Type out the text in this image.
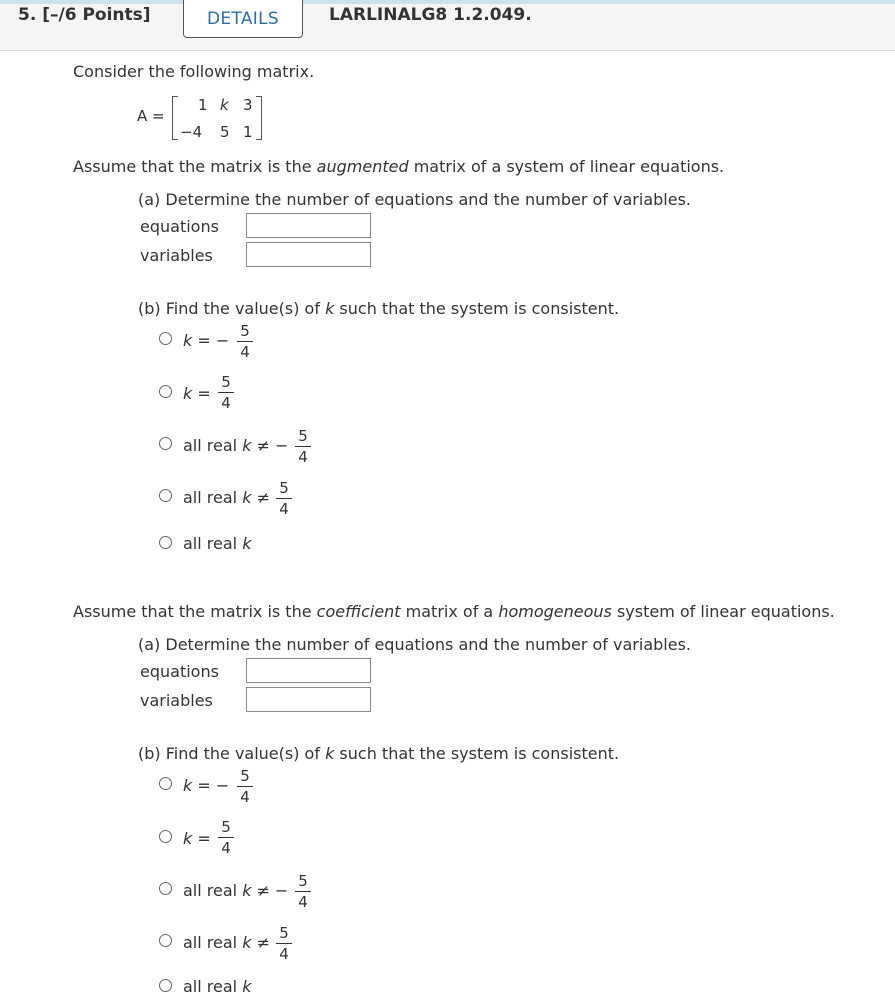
5. [–/6 Points]	DETAILS	LARLINALG8 1.2.049.
Consider the following matrix.
A =
1 k 3
−4 5 1
Assume that the matrix is the augmented matrix of a system of linear equations.
(a) Determine the number of equations and the number of variables.
equations
variables
(b) Find the value(s) of k such that the system is consistent.
k = − 5
4
k =
5
4
all real k ≠ − 5
4
all real k ≠ 5
4
all real k
Assume that the matrix is the coefficient matrix of a homogeneous system of linear equations.
(a) Determine the number of equations and the number of variables.
equations
variables
(b) Find the value(s) of k such that the system is consistent.
k = − 5
4
k =
5
4
all real k ≠ − 5
4
all real k ≠ 5
4
all real k
